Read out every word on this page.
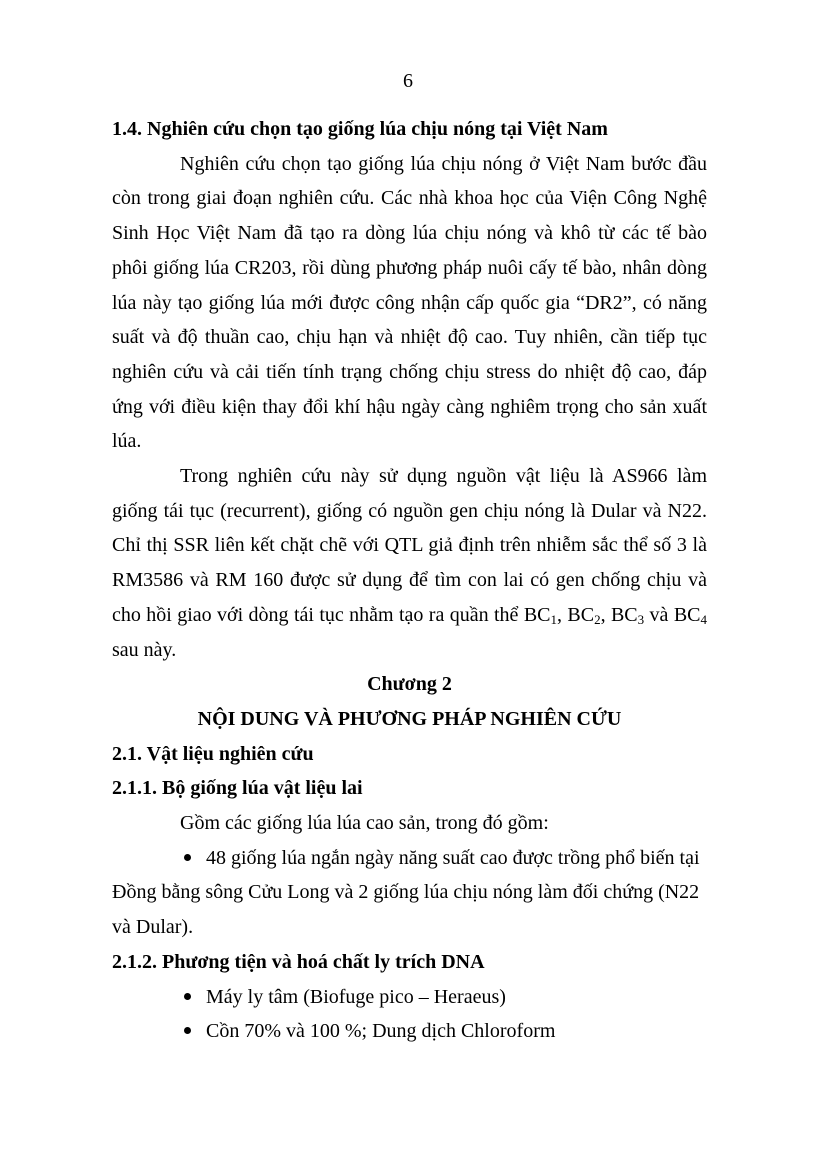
6

1.4. Nghiên cứu chọn tạo giống lúa chịu nóng tại Việt Nam

Nghiên cứu chọn tạo giống lúa chịu nóng ở Việt Nam bước đầu còn trong giai đoạn nghiên cứu. Các nhà khoa học của Viện Công Nghệ Sinh Học Việt Nam đã tạo ra dòng lúa chịu nóng và khô từ các tế bào phôi giống lúa CR203, rồi dùng phương pháp nuôi cấy tế bào, nhân dòng lúa này tạo giống lúa mới được công nhận cấp quốc gia “DR2”, có năng suất và độ thuần cao, chịu hạn và nhiệt độ cao. Tuy nhiên, cần tiếp tục nghiên cứu và cải tiến tính trạng chống chịu stress do nhiệt độ cao, đáp ứng với điều kiện thay đổi khí hậu ngày càng nghiêm trọng cho sản xuất lúa.

Trong nghiên cứu này sử dụng nguồn vật liệu là AS966 làm giống tái tục (recurrent), giống có nguồn gen chịu nóng là Dular và N22. Chỉ thị SSR liên kết chặt chẽ với QTL giả định trên nhiễm sắc thể số 3 là RM3586 và RM 160 được sử dụng để tìm con lai có gen chống chịu và cho hồi giao với dòng tái tục nhằm tạo ra quần thể $BC_1$, $BC_2$, $BC_3$ và $BC_4$ sau này.

Chương 2

NỘI DUNG VÀ PHƯƠNG PHÁP NGHIÊN CỨU

2.1. Vật liệu nghiên cứu

2.1.1. Bộ giống lúa vật liệu lai

Gồm các giống lúa lúa cao sản, trong đó gồm:

48 giống lúa ngắn ngày năng suất cao được trồng phổ biến tại Đồng bằng sông Cửu Long và 2 giống lúa chịu nóng làm đối chứng (N22 và Dular).

2.1.2. Phương tiện và hoá chất ly trích DNA

Máy ly tâm (Biofuge pico – Heraeus)

Cồn 70% và 100 %; Dung dịch Chloroform
